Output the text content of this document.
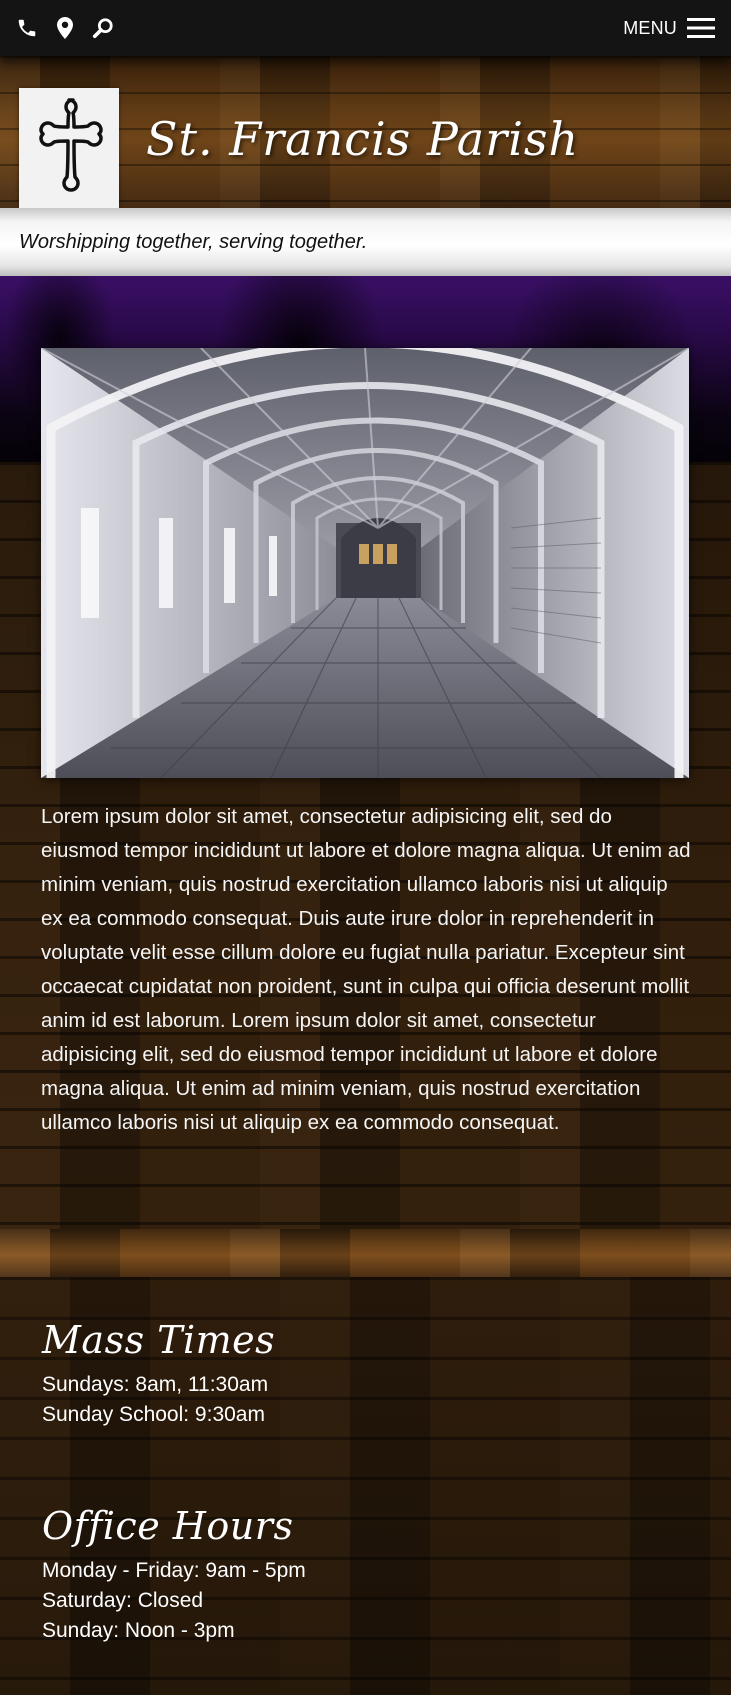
MENU
St. Francis Parish
Worshipping together, serving together.

Lorem ipsum dolor sit amet, consectetur adipisicing elit, sed do eiusmod tempor incididunt ut labore et dolore magna aliqua. Ut enim ad minim veniam, quis nostrud exercitation ullamco laboris nisi ut aliquip ex ea commodo consequat. Duis aute irure dolor in reprehenderit in voluptate velit esse cillum dolore eu fugiat nulla pariatur. Excepteur sint occaecat cupidatat non proident, sunt in culpa qui officia deserunt mollit anim id est laborum. Lorem ipsum dolor sit amet, consectetur adipisicing elit, sed do eiusmod tempor incididunt ut labore et dolore magna aliqua. Ut enim ad minim veniam, quis nostrud exercitation ullamco laboris nisi ut aliquip ex ea commodo consequat.

Mass Times
Sundays: 8am, 11:30am
Sunday School: 9:30am
Office Hours
Monday - Friday: 9am - 5pm
Saturday: Closed
Sunday: Noon - 3pm
